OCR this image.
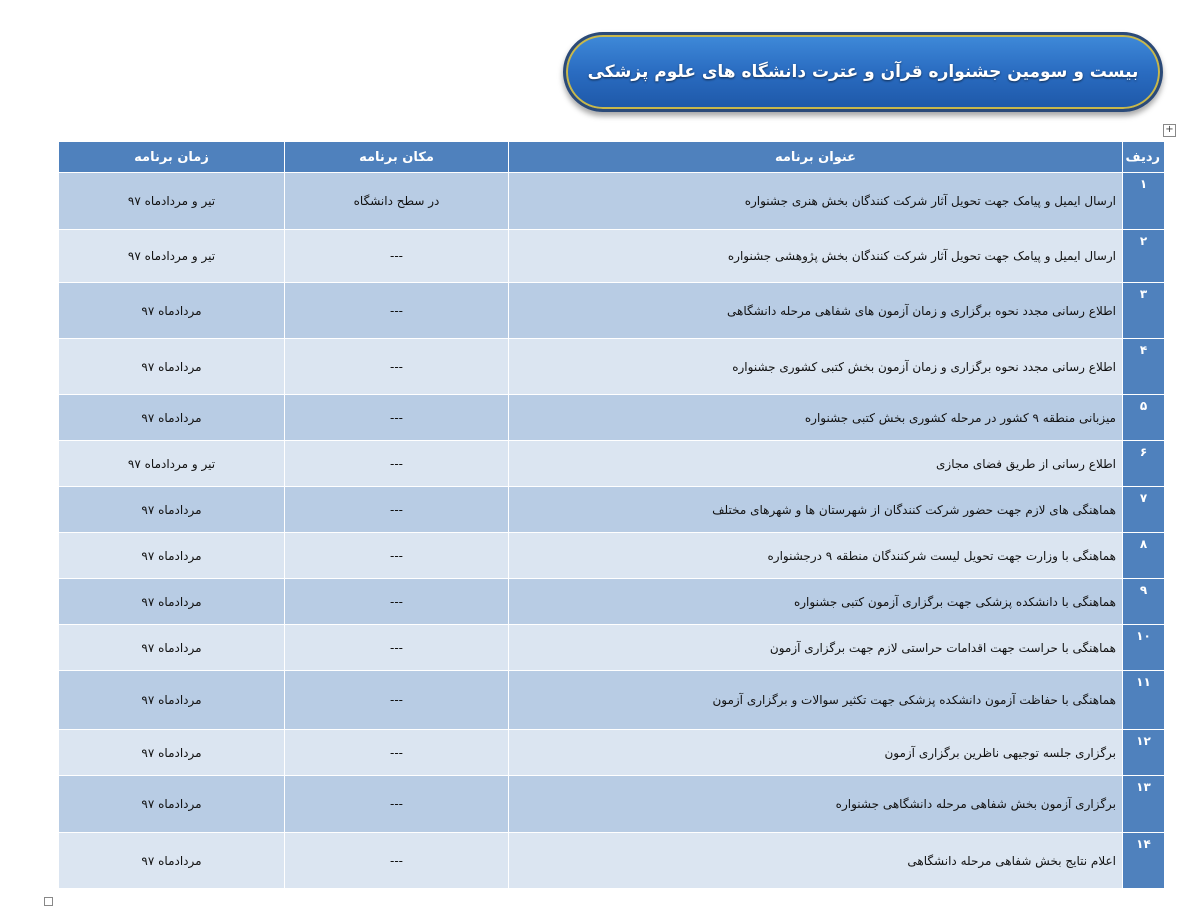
بیست و سومین جشنواره قرآن و عترت دانشگاه های علوم پزشکی
+
ردیف	عنوان برنامه	مکان برنامه	زمان برنامه
۱	ارسال ایمیل و پیامک جهت تحویل آثار شرکت کنندگان بخش هنری جشنواره	در سطح دانشگاه	تیر و مردادماه ۹۷
۲	ارسال ایمیل و پیامک جهت تحویل آثار شرکت کنندگان بخش پژوهشی جشنواره	---	تیر و مردادماه ۹۷
۳	اطلاع رسانی مجدد نحوه برگزاری و زمان آزمون های شفاهی مرحله دانشگاهی	---	مردادماه ۹۷
۴	اطلاع رسانی مجدد نحوه برگزاری و زمان آزمون بخش کتبی کشوری جشنواره	---	مردادماه ۹۷
۵	میزبانی منطقه ۹ کشور در مرحله کشوری بخش کتبی جشنواره	---	مردادماه ۹۷
۶	اطلاع رسانی از طریق فضای مجازی	---	تیر و مردادماه ۹۷
۷	هماهنگی های لازم جهت حضور شرکت کنندگان از شهرستان ها و شهرهای مختلف	---	مردادماه ۹۷
۸	هماهنگی با وزارت جهت تحویل لیست شرکنندگان منطقه ۹ درجشنواره	---	مردادماه ۹۷
۹	هماهنگی با دانشکده پزشکی جهت برگزاری آزمون کتبی جشنواره	---	مردادماه ۹۷
۱۰	هماهنگی با حراست جهت اقدامات حراستی لازم جهت برگزاری آزمون	---	مردادماه ۹۷
۱۱	هماهنگی با حفاظت آزمون دانشکده پزشکی جهت تکثیر سوالات و برگزاری آزمون	---	مردادماه ۹۷
۱۲	برگزاری جلسه توجیهی ناظرین برگزاری آزمون	---	مردادماه ۹۷
۱۳	برگزاری آزمون بخش شفاهی مرحله دانشگاهی جشنواره	---	مردادماه ۹۷
۱۴	اعلام نتایج بخش شفاهی مرحله دانشگاهی	---	مردادماه ۹۷
